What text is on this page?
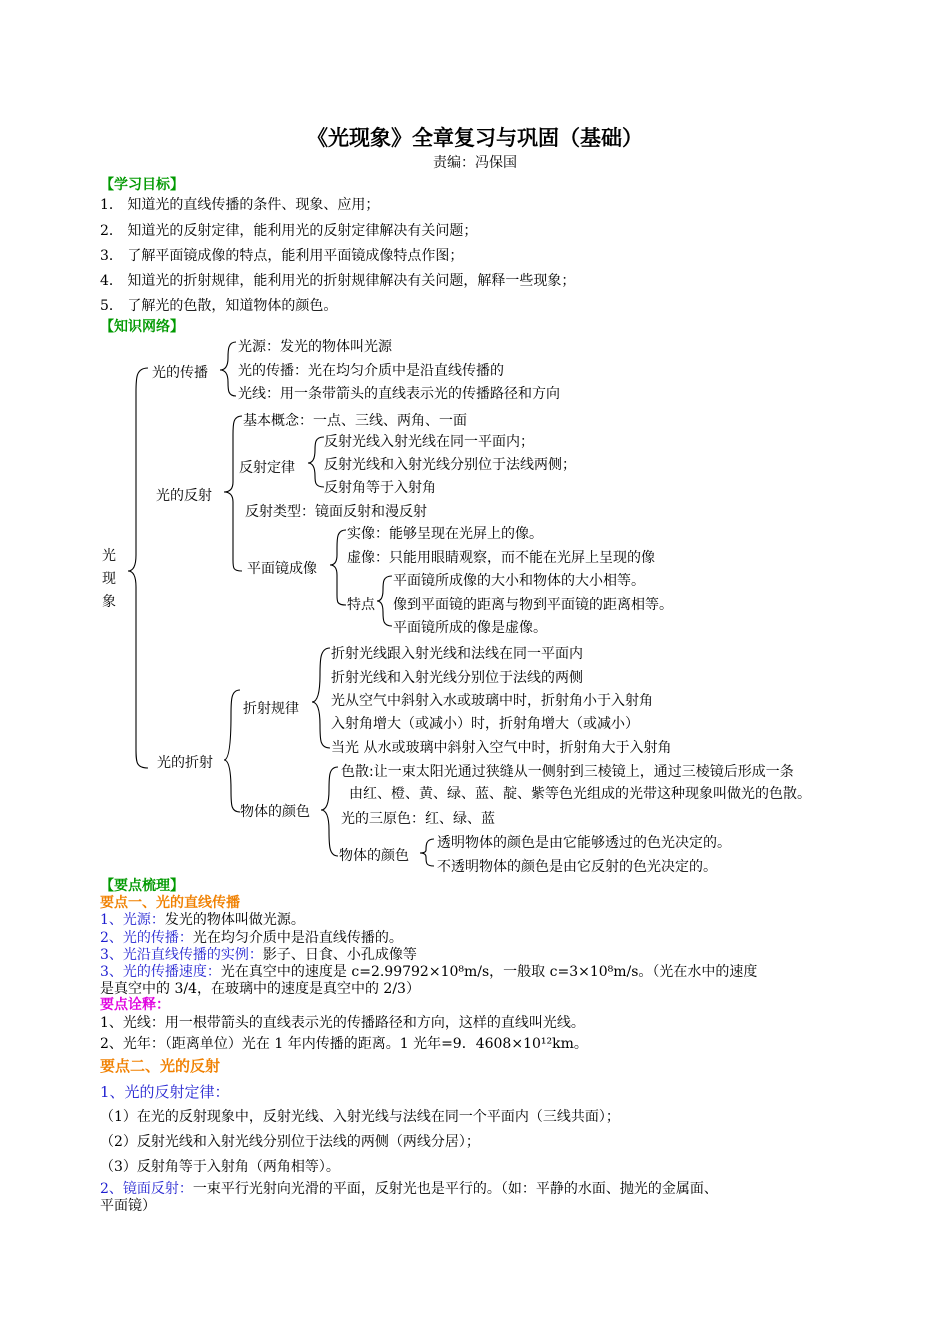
《光现象》全章复习与巩固（基础）
责编：冯保国
【学习目标】
1． 知道光的直线传播的条件、现象、应用；
2． 知道光的反射定律，能利用光的反射定律解决有关问题；
3． 了解平面镜成像的特点，能利用平面镜成像特点作图；
4． 知道光的折射规律，能利用光的折射规律解决有关问题，解释一些现象；
5． 了解光的色散，知道物体的颜色。
【知识网络】
光
现
象
光的传播
光源：发光的物体叫光源
光的传播：光在均匀介质中是沿直线传播的
光线：用一条带箭头的直线表示光的传播路径和方向
光的反射
基本概念：一点、三线、两角、一面
反射定律
反射光线入射光线在同一平面内；
反射光线和入射光线分别位于法线两侧；
反射角等于入射角
反射类型：镜面反射和漫反射
平面镜成像
实像：能够呈现在光屏上的像。
虚像：只能用眼睛观察，而不能在光屏上呈现的像
特点
平面镜所成像的大小和物体的大小相等。
像到平面镜的距离与物到平面镜的距离相等。
平面镜所成的像是虚像。
光的折射
折射规律
折射光线跟入射光线和法线在同一平面内
折射光线和入射光线分别位于法线的两侧
光从空气中斜射入水或玻璃中时，折射角小于入射角
入射角增大（或减小）时，折射角增大（或减小）
当光 从水或玻璃中斜射入空气中时，折射角大于入射角
物体的颜色
色散:让一束太阳光通过狭缝从一侧射到三棱镜上，通过三棱镜后形成一条
由红、橙、黄、绿、蓝、靛、紫等色光组成的光带这种现象叫做光的色散。
光的三原色：红、绿、蓝
物体的颜色
透明物体的颜色是由它能够透过的色光决定的。
不透明物体的颜色是由它反射的色光决定的。
【要点梳理】
要点一、光的直线传播
1、光源：发光的物体叫做光源。
2、光的传播：光在均匀介质中是沿直线传播的。
3、光沿直线传播的实例：影子、日食、小孔成像等
3、光的传播速度：光在真空中的速度是 c=2.99792×10⁸m/s，一般取 c=3×10⁸m/s。（光在水中的速度
是真空中的 3/4，在玻璃中的速度是真空中的 2/3）
要点诠释：
1、光线：用一根带箭头的直线表示光的传播路径和方向，这样的直线叫光线。
2、光年：（距离单位）光在 1 年内传播的距离。1 光年=9．4608×10¹²km。
要点二、光的反射
1、光的反射定律：
（1）在光的反射现象中，反射光线、入射光线与法线在同一个平面内（三线共面）；
（2）反射光线和入射光线分别位于法线的两侧（两线分居）；
（3）反射角等于入射角（两角相等）。
2、镜面反射：一束平行光射向光滑的平面，反射光也是平行的。（如：平静的水面、抛光的金属面、
平面镜）
